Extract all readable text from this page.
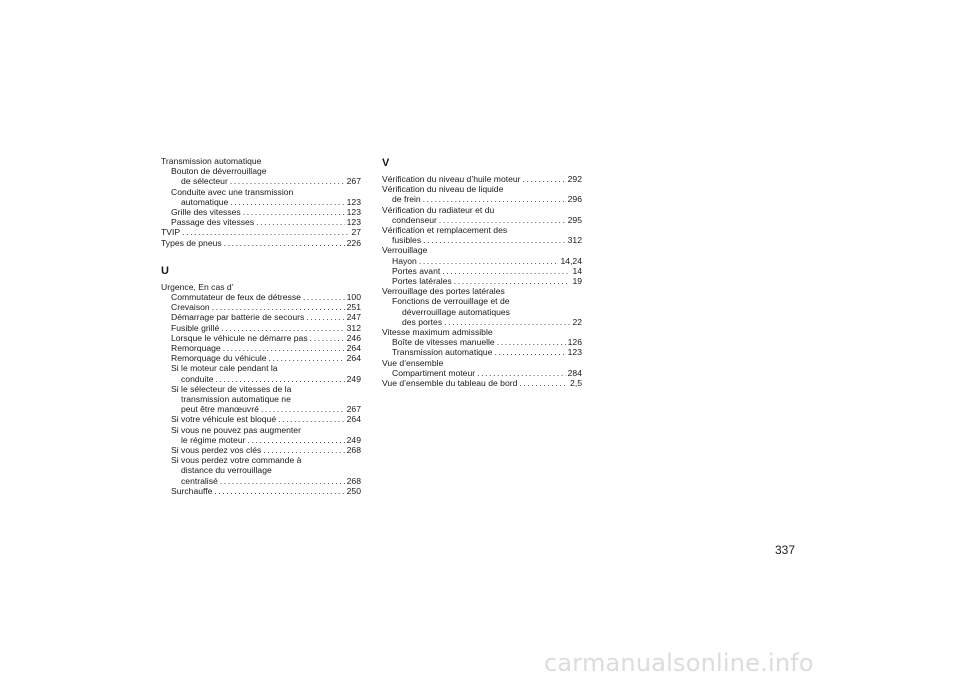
Transmission automatique
Bouton de déverrouillage
de sélecteur .....	267
Conduite avec une transmission
automatique .....	123
Grille des vitesses .....	123
Passage des vitesses .....	123
TVIP .....	27
Types de pneus .....	226
U
Urgence, En cas d’
Commutateur de feux de détresse .....	100
Crevaison .....	251
Démarrage par batterie de secours .....	247
Fusible grillé .....	312
Lorsque le véhicule ne démarre pas .....	246
Remorquage .....	264
Remorquage du véhicule .....	264
Si le moteur cale pendant la
conduite .....	249
Si le sélecteur de vitesses de la
transmission automatique ne
peut être manœuvré .....	267
Si votre véhicule est bloqué .....	264
Si vous ne pouvez pas augmenter
le régime moteur .....	249
Si vous perdez vos clés .....	268
Si vous perdez votre commande à
distance du verrouillage
centralisé .....	268
Surchauffe .....	250
V
Vérification du niveau d’huile moteur .....	292
Vérification du niveau de liquide
de frein .....	296
Vérification du radiateur et du
condenseur .....	295
Vérification et remplacement des
fusibles .....	312
Verrouillage
Hayon .....	14,24
Portes avant .....	14
Portes latérales .....	19
Verrouillage des portes latérales
Fonctions de verrouillage et de
déverrouillage automatiques
des portes .....	22
Vitesse maximum admissible
Boîte de vitesses manuelle .....	126
Transmission automatique .....	123
Vue d’ensemble
Compartiment moteur .....	284
Vue d’ensemble du tableau de bord .....	2,5
337
carmanualsonline.info
